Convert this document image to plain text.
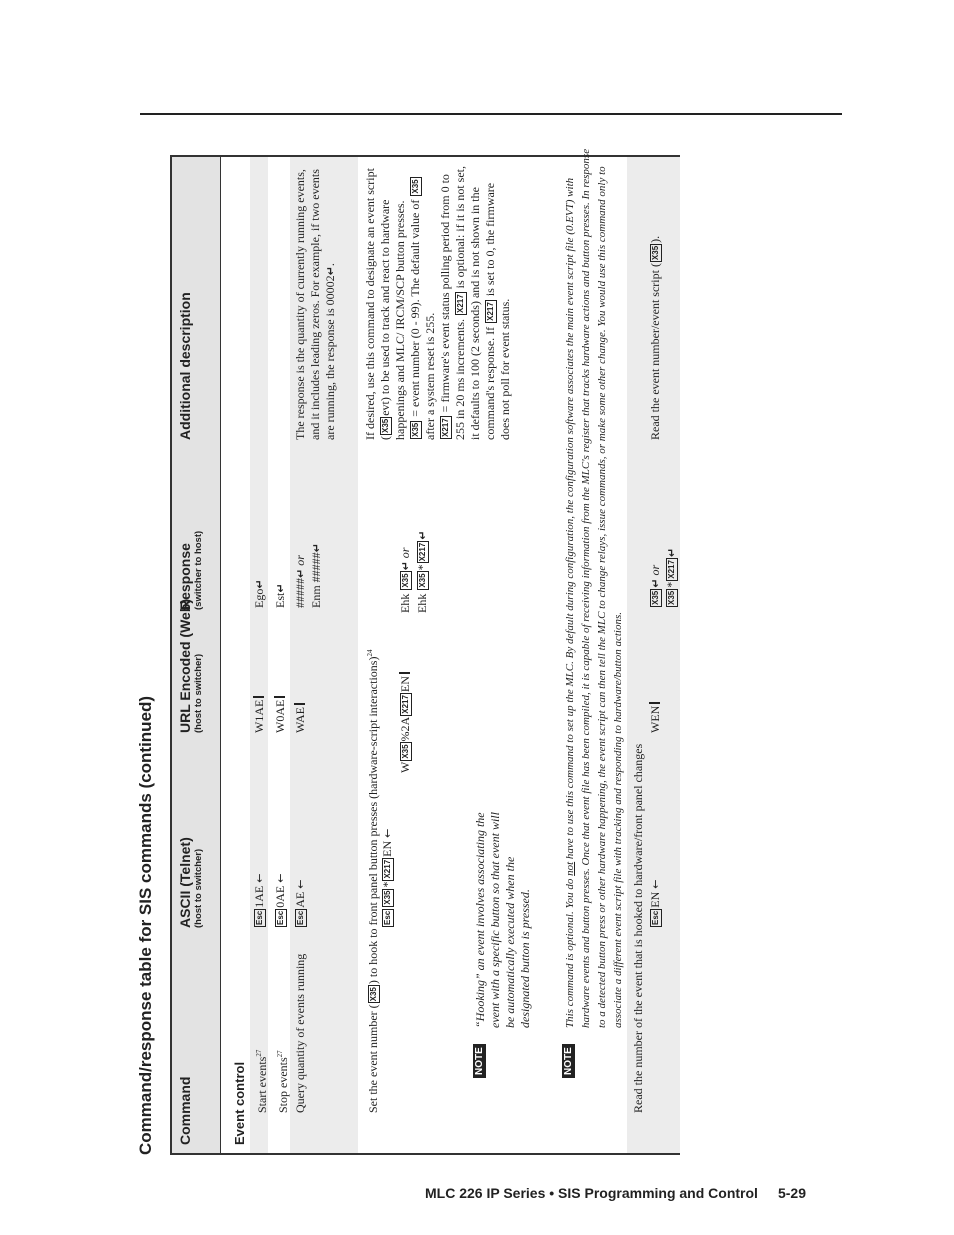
Command/response table for SIS commands (continued) Command
ASCII (Telnet) (host to switcher)
URL Encoded (Web) (host to switcher)
Response (switcher to host)
Additional description
Event control Start events$^{27}$
Esc1AE ←
W1AE
Ego↵
Stop events$^{27}$
Esc0AE ←
W0AE
Est↵
Query quantity of events running
EscAE ←
WAE
#####↵ or Enm #####↵
The response is the quantity of currently running events, and it includes leading zeros. For example, if two events are running, the response is 00002↵.
Set the event number (X35) to hook to front panel button presses (hardware-script interactions)$^{24}$
EscX35*X217EN ←
WX35%2AX217EN
Ehk X35↵ or
Ehk X35*X217↵
If desired, use this command to designate an event script (X35evt) to be used to track and react to hardware happenings and MLC/ IRCM/SCP button presses. X35 = event number (0 - 99). The default value of X35 after a system reset is 255. X217 = firmware's event status polling period from 0 to 255 in 20 ms increments. X217 is optional: if it is not set, it defaults to 100 (2 seconds) and is not shown in the command's response. If X217 is set to 0, the firmware does not poll for event status.
NOTE
“Hooking” an event involves associating the event with a specific button so that event will be automatically executed when the designated button is pressed.
NOTE
This command is optional. You do not have to use this command to set up the MLC. By default during configuration, the configuration software associates the main event script file (0.EVT) with hardware events and button presses. Once that event file has been compiled, it is capable of receiving information from the MLC's register that tracks hardware actions and button presses. In response to a detected button press or other hardware happening, the event script can then tell the MLC to change relays, issue commands, or make some other change. You would use this command only to associate a different event script file with tracking and responding to hardware/button actions. Read the number of the event that is hooked to hardware/front panel changes EscEN ←
WEN
X35↵ or
X35*X217↵
Read the event number/event script (X35).
MLC 226 IP Series • SIS Programming and Control 5-29
